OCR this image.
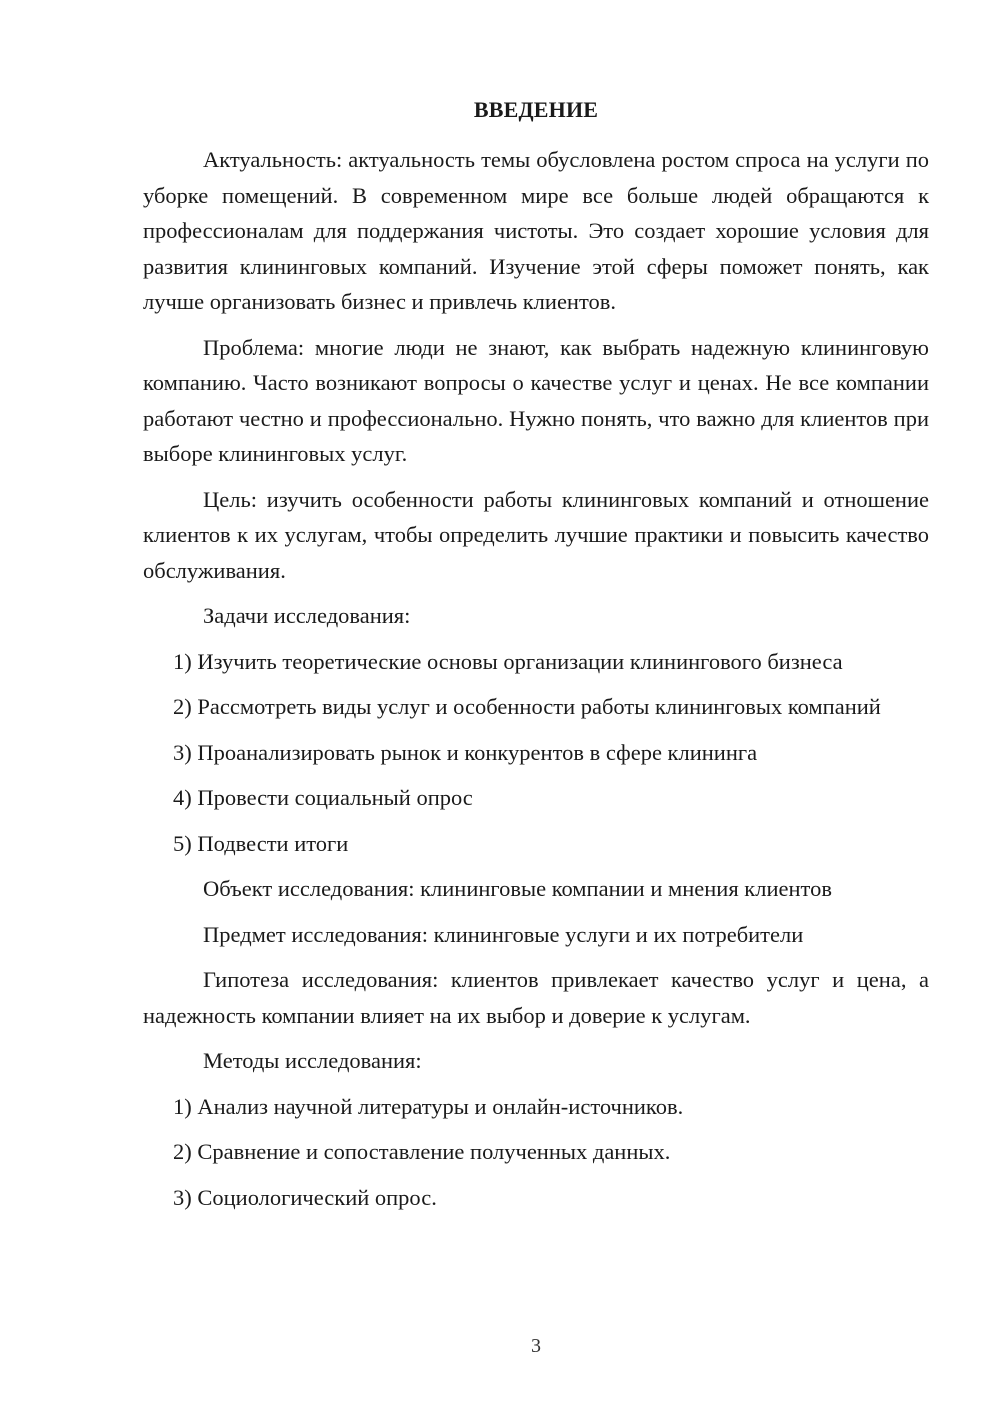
ВВЕДЕНИЕ

Актуальность: актуальность темы обусловлена ростом спроса на услуги по уборке помещений. В современном мире все больше людей обращаются к профессионалам для поддержания чистоты. Это создает хорошие условия для развития клининговых компаний. Изучение этой сферы поможет понять, как лучше организовать бизнес и привлечь клиентов.

Проблема: многие люди не знают, как выбрать надежную клининговую компанию. Часто возникают вопросы о качестве услуг и ценах. Не все компании работают честно и профессионально. Нужно понять, что важно для клиентов при выборе клининговых услуг.

Цель: изучить особенности работы клининговых компаний и отношение клиентов к их услугам, чтобы определить лучшие практики и повысить качество обслуживания.

Задачи исследования:

1) Изучить теоретические основы организации клинингового бизнеса

2) Рассмотреть виды услуг и особенности работы клининговых компаний

3) Проанализировать рынок и конкурентов в сфере клининга

4) Провести социальный опрос

5) Подвести итоги

Объект исследования: клининговые компании и мнения клиентов

Предмет исследования: клининговые услуги и их потребители

Гипотеза исследования: клиентов привлекает качество услуг и цена, а надежность компании влияет на их выбор и доверие к услугам.

Методы исследования:

1) Анализ научной литературы и онлайн-источников.

2) Сравнение и сопоставление полученных данных.

3) Социологический опрос.

3
